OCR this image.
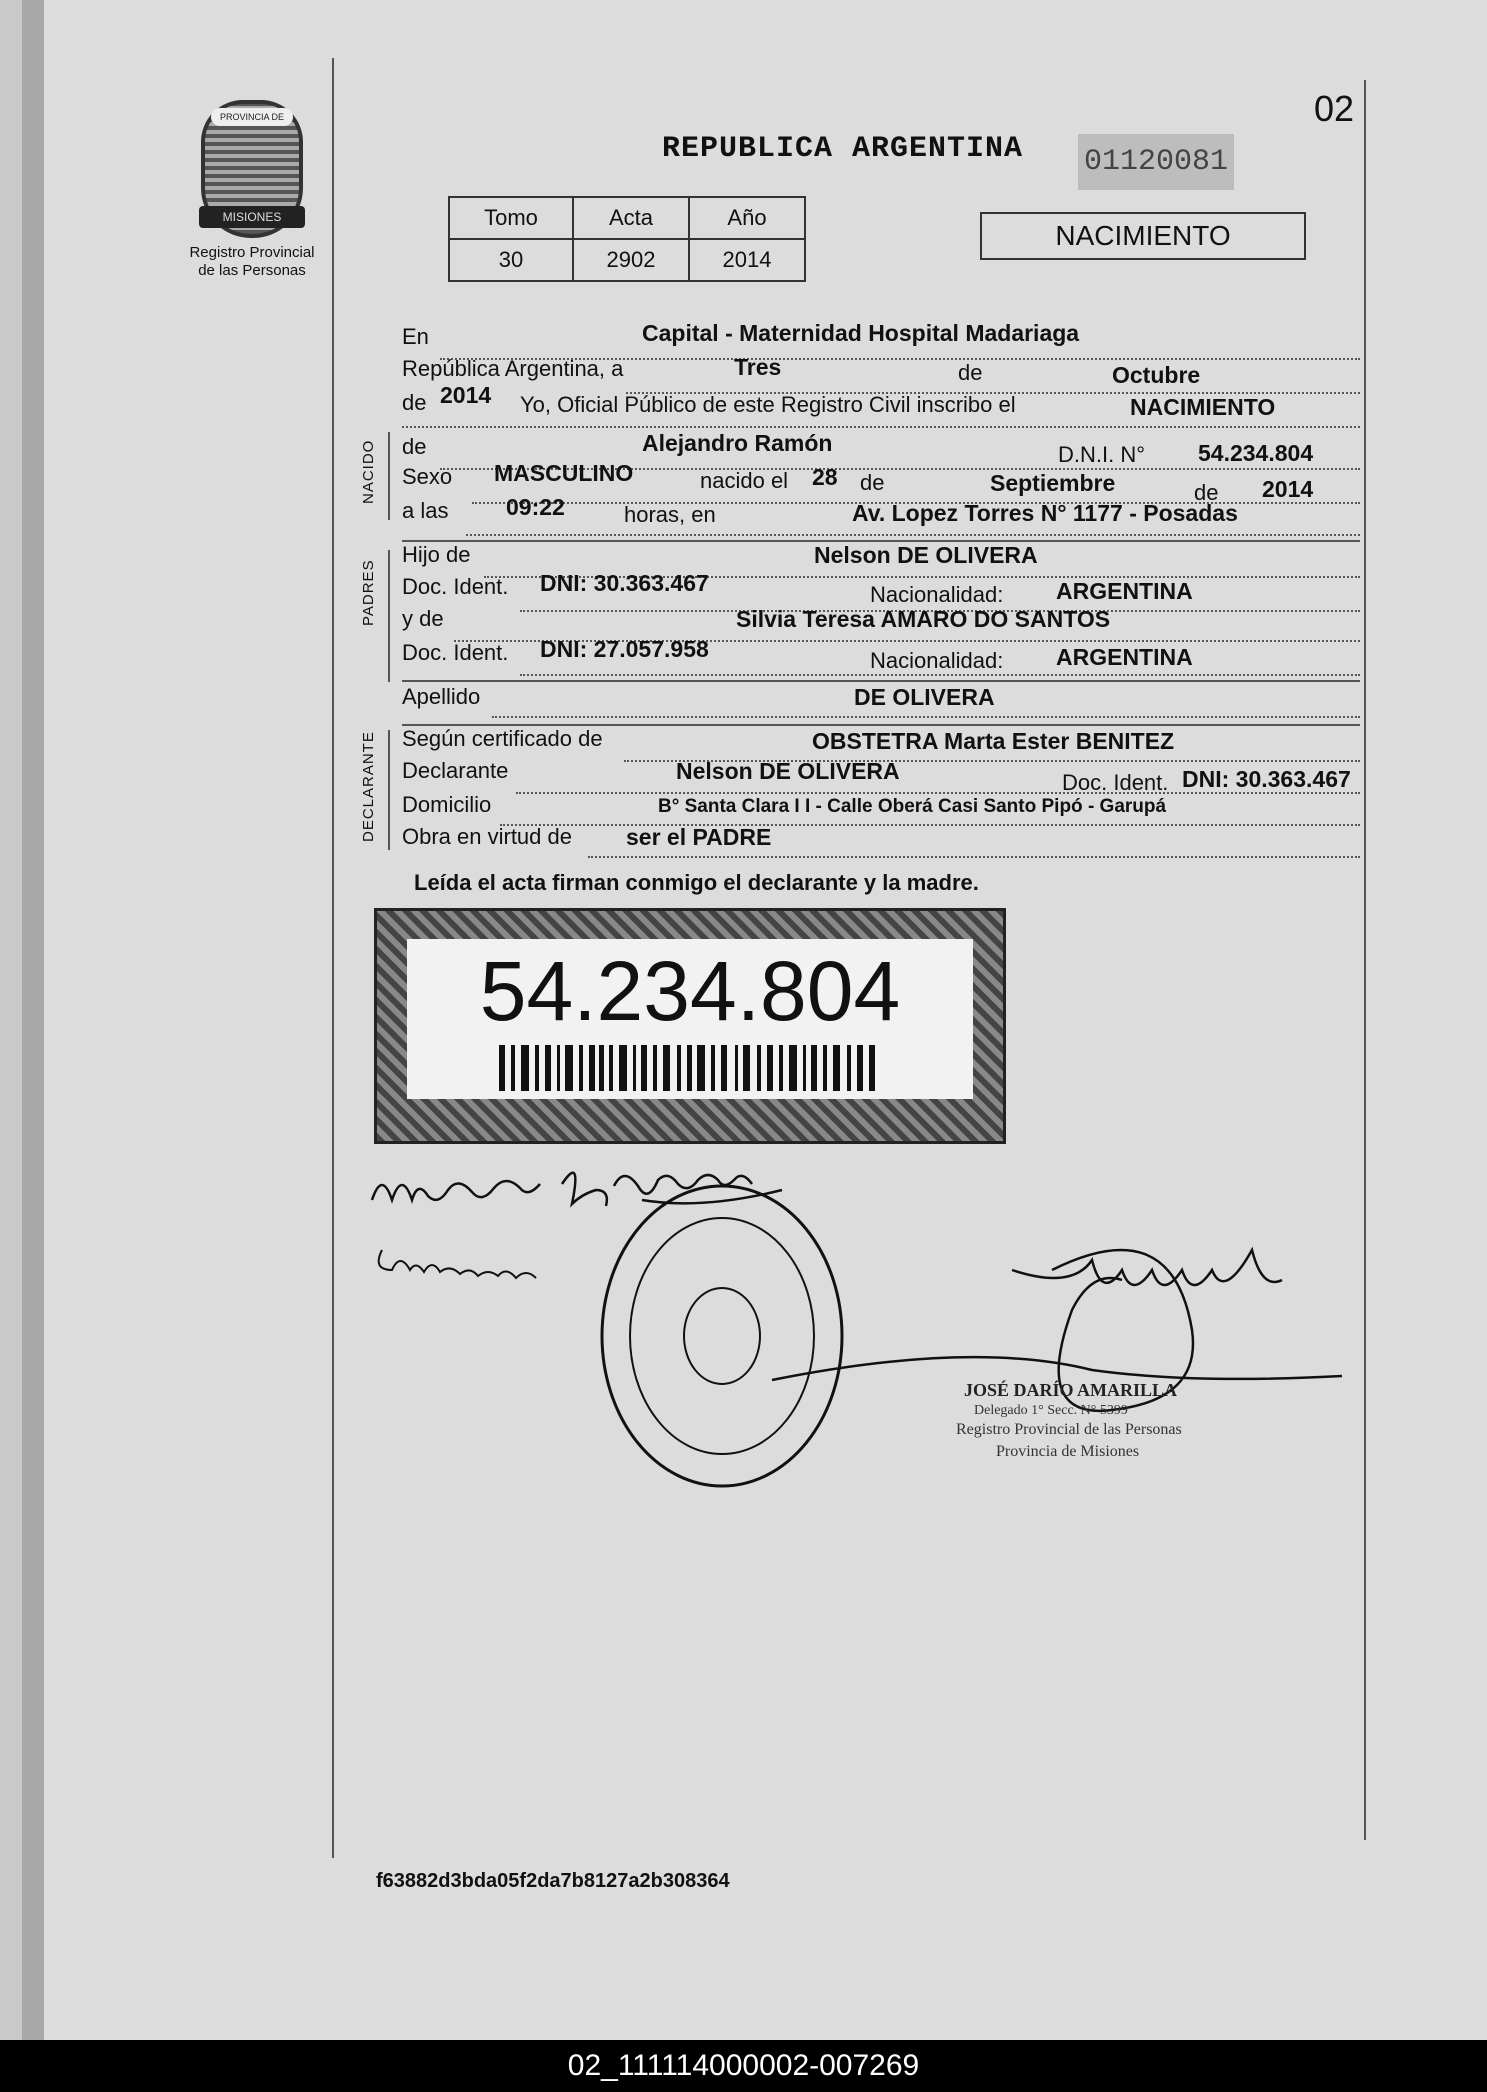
PROVINCIA DE
MISIONES
Registro Provincial
de las Personas
02
REPUBLICA ARGENTINA 01120081
Tomo	Acta	Año
30	2902	2014
NACIMIENTO
En	Capital - Maternidad Hospital Madariaga
República Argentina, a	de
Tres	Octubre
de 2014 Yo, Oficial Público de este Registro Civil inscribo el	NACIMIENTO
NACIDO de	Alejandro Ramón	D.N.I. N° 54.234.804
Sexo MASCULINO	nacido el 28 de	Septiembre	de 2014
a las	09:22	horas, en	Av. Lopez Torres N° 1177 - Posadas
PADRES
Hijo de	Nelson DE OLIVERA
Doc. Ident. DNI: 30.363.467	Nacionalidad: ARGENTINA
y de	Silvia Teresa AMARO DO SANTOS
Doc. Ident. DNI: 27.057.958	Nacionalidad: ARGENTINA
Apellido	DE OLIVERA
DECLARANTE Según certificado de	OBSTETRA Marta Ester BENITEZ
Declarante	Nelson DE OLIVERA	Doc. Ident. DNI: 30.363.467
Domicilio	B° Santa Clara I I - Calle Oberá Casi Santo Pipó - Garupá
Obra en virtud de ser el PADRE
Leída el acta firman conmigo el declarante y la madre.
54.234.804
JOSÉ DARÍO AMARILLA
Delegado 1° Secc. N° 5399
Registro Provincial de las Personas
Provincia de Misiones
f63882d3bda05f2da7b8127a2b308364
02_111114000002-007269
